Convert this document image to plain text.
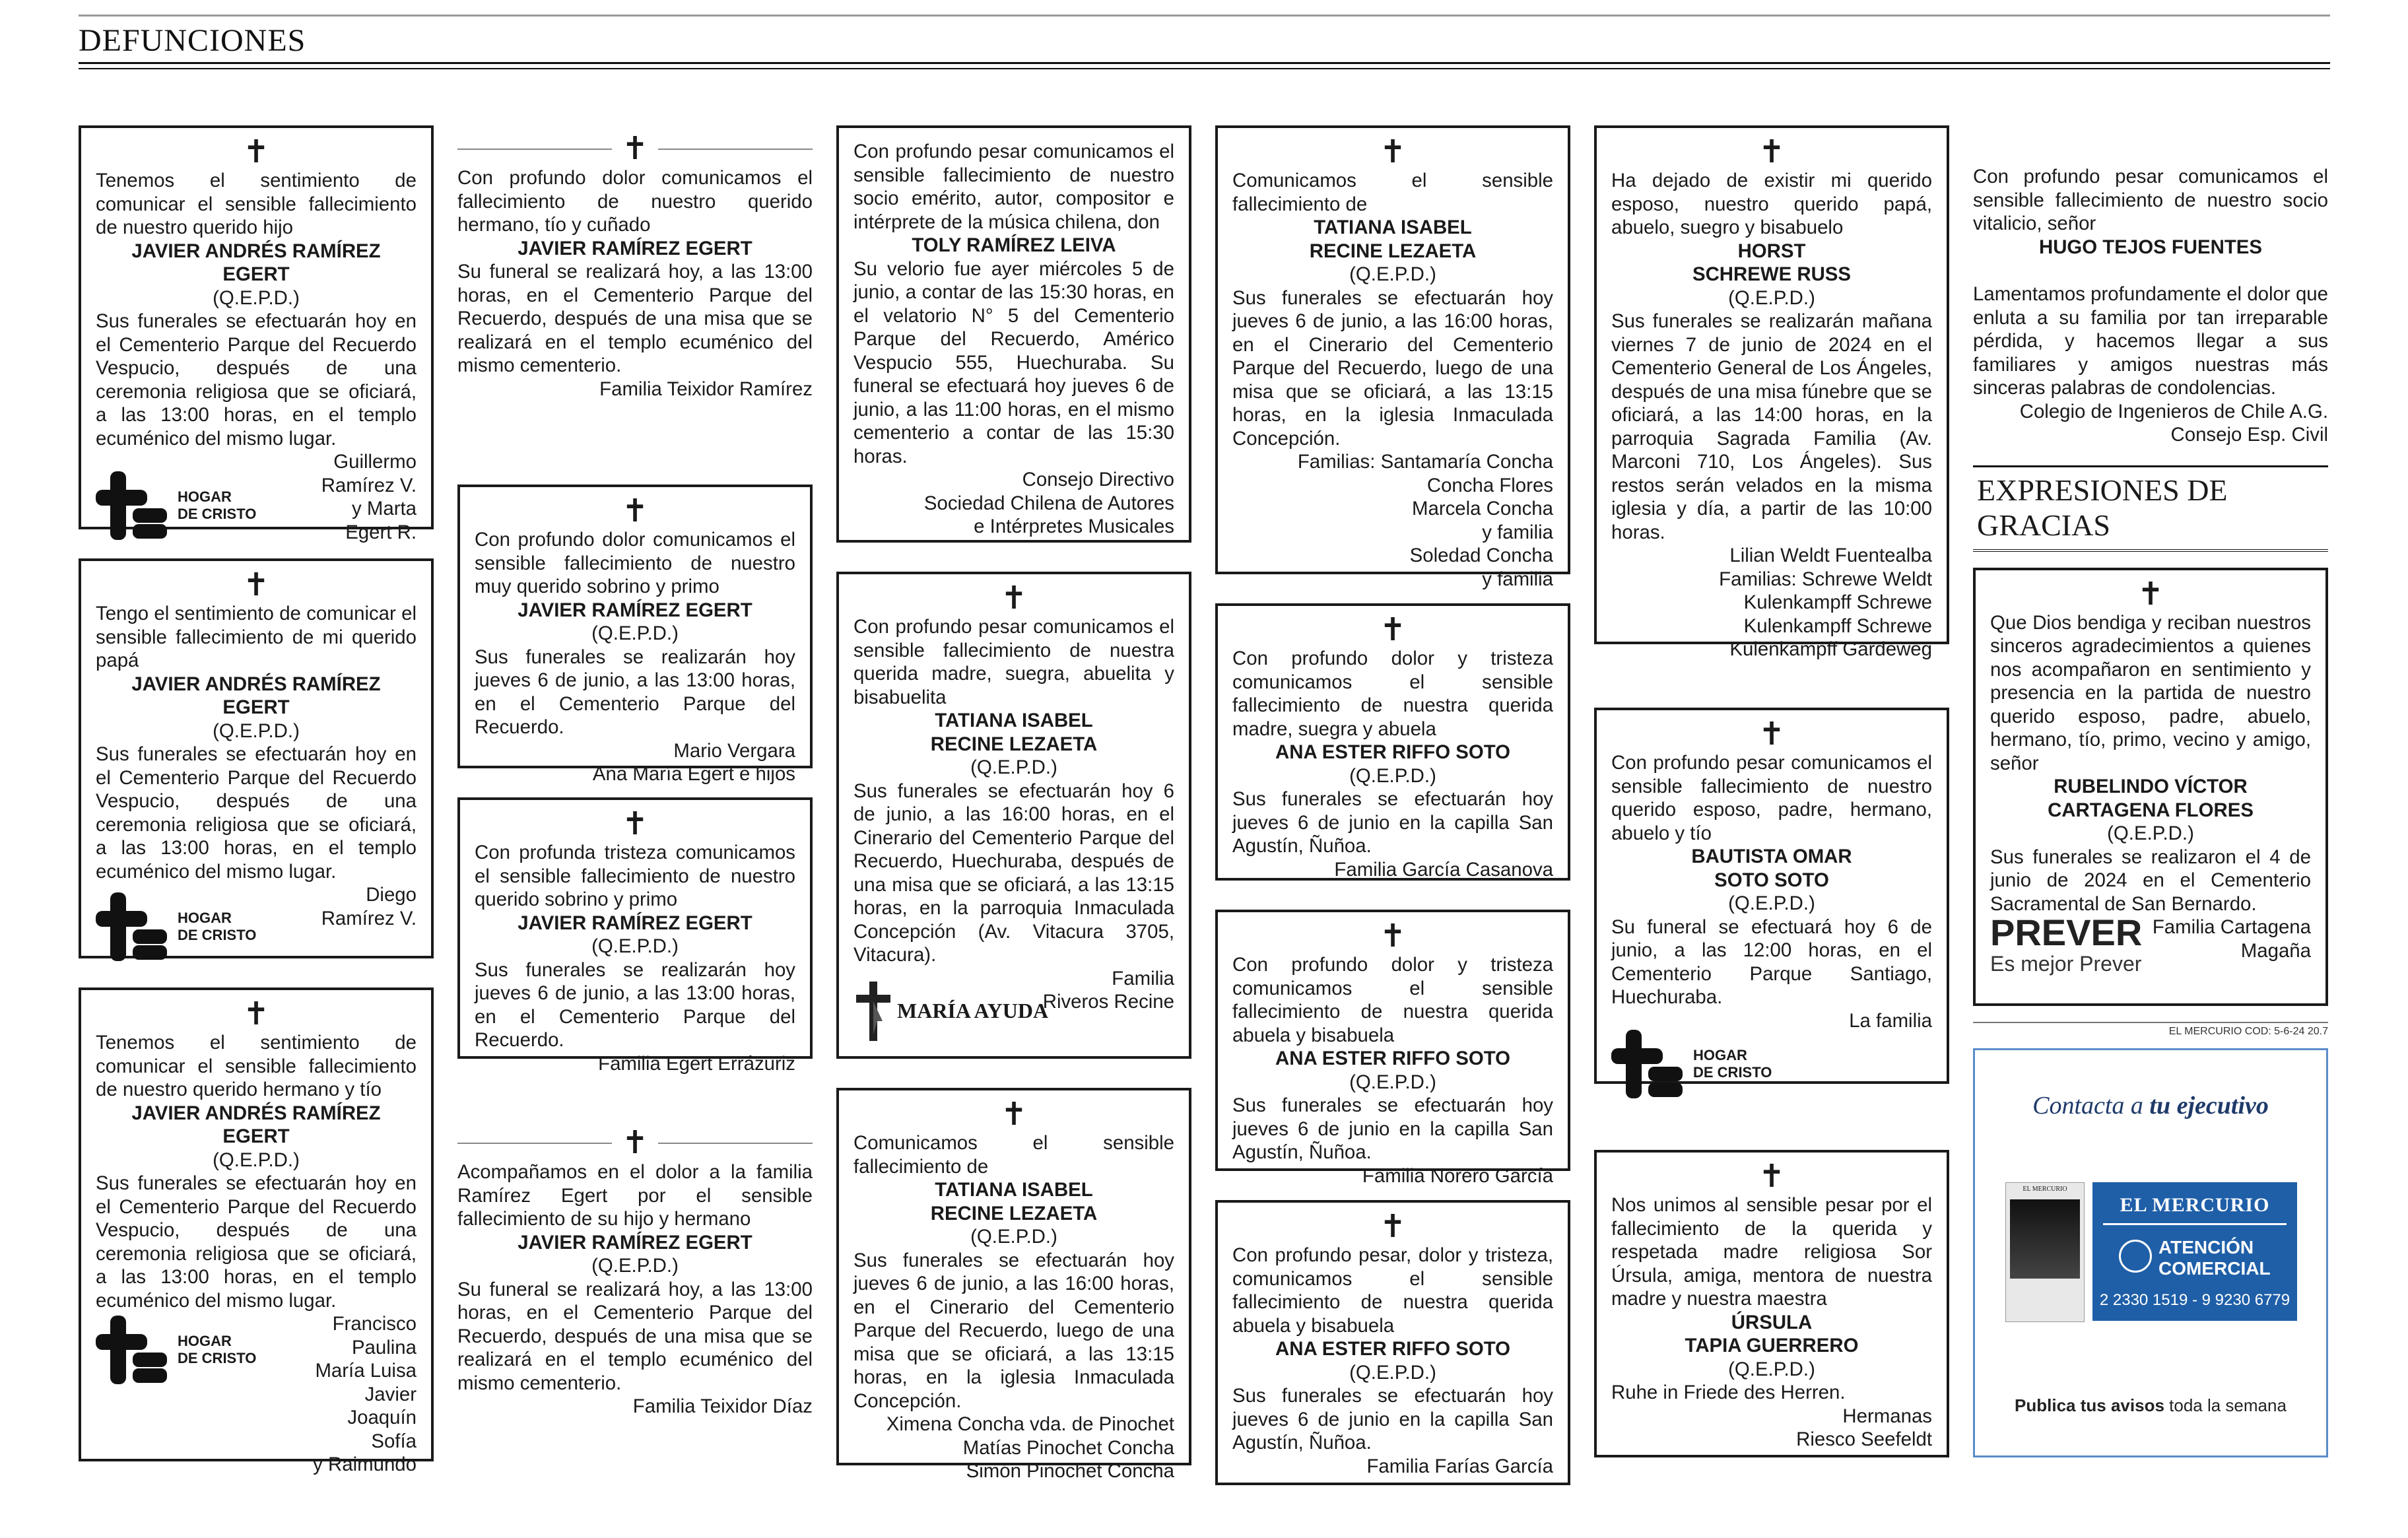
DEFUNCIONES
✝
Tenemos el sentimiento de comunicar el sensible fallecimiento de nuestro querido hijo
JAVIER ANDRÉS RAMÍREZ EGERT
(Q.E.P.D.)
Sus funerales se efectuarán hoy en el Cementerio Parque del Recuerdo Vespucio, después de una ceremonia religiosa que se oficiará, a las 13:00 horas, en el templo ecuménico del mismo lugar.
Guillermo
Ramírez V.
y Marta
Egert R.
HOGAR
DE CRISTO
✝
Tengo el sentimiento de comunicar el sensible fallecimiento de mi querido papá
JAVIER ANDRÉS RAMÍREZ EGERT
(Q.E.P.D.)
Sus funerales se efectuarán hoy en el Cementerio Parque del Recuerdo Vespucio, después de una ceremonia religiosa que se oficiará, a las 13:00 horas, en el templo ecuménico del mismo lugar.
Diego
Ramírez V.
HOGAR
DE CRISTO
✝
Tenemos el sentimiento de comunicar el sensible fallecimiento de nuestro querido hermano y tío
JAVIER ANDRÉS RAMÍREZ EGERT
(Q.E.P.D.)
Sus funerales se efectuarán hoy en el Cementerio Parque del Recuerdo Vespucio, después de una ceremonia religiosa que se oficiará, a las 13:00 horas, en el templo ecuménico del mismo lugar.
Francisco
Paulina
María Luisa
Javier
Joaquín
Sofía
y Raimundo
HOGAR
DE CRISTO
✝
Con profundo dolor comunicamos el fallecimiento de nuestro querido hermano, tío y cuñado
JAVIER RAMÍREZ EGERT
Su funeral se realizará hoy, a las 13:00 horas, en el Cementerio Parque del Recuerdo, después de una misa que se realizará en el templo ecuménico del mismo cementerio.
Familia Teixidor Ramírez
✝
Con profundo dolor comunicamos el sensible fallecimiento de nuestro muy querido sobrino y primo
JAVIER RAMÍREZ EGERT
(Q.E.P.D.)
Sus funerales se realizarán hoy jueves 6 de junio, a las 13:00 horas, en el Cementerio Parque del Recuerdo.
Mario Vergara
Ana María Egert e hijos
✝
Con profunda tristeza comunicamos el sensible fallecimiento de nuestro querido sobrino y primo
JAVIER RAMÍREZ EGERT
(Q.E.P.D.)
Sus funerales se realizarán hoy jueves 6 de junio, a las 13:00 horas, en el Cementerio Parque del Recuerdo.
Familia Egert Errázuriz
✝
Acompañamos en el dolor a la familia Ramírez Egert por el sensible fallecimiento de su hijo y hermano
JAVIER RAMÍREZ EGERT
(Q.E.P.D.)
Su funeral se realizará hoy, a las 13:00 horas, en el Cementerio Parque del Recuerdo, después de una misa que se realizará en el templo ecuménico del mismo cementerio.
Familia Teixidor Díaz
Con profundo pesar comunicamos el sensible fallecimiento de nuestro socio emérito, autor, compositor e intérprete de la música chilena, don
TOLY RAMÍREZ LEIVA
Su velorio fue ayer miércoles 5 de junio, a contar de las 15:30 horas, en el velatorio N° 5 del Cementerio Parque del Recuerdo, Américo Vespucio 555, Huechuraba. Su funeral se efectuará hoy jueves 6 de junio, a las 11:00 horas, en el mismo cementerio a contar de las 15:30 horas.
Consejo Directivo
Sociedad Chilena de Autores
e Intérpretes Musicales
✝
Con profundo pesar comunicamos el sensible fallecimiento de nuestra querida madre, suegra, abuelita y bisabuelita
TATIANA ISABEL
RECINE LEZAETA
(Q.E.P.D.)
Sus funerales se efectuarán hoy 6 de junio, a las 16:00 horas, en el Cinerario del Cementerio Parque del Recuerdo, Huechuraba, después de una misa que se oficiará, a las 13:15 horas, en la parroquia Inmaculada Concepción (Av. Vitacura 3705, Vitacura).
Familia
Riveros Recine
MARÍA AYUDA
✝
Comunicamos el sensible fallecimiento de
TATIANA ISABEL
RECINE LEZAETA
(Q.E.P.D.)
Sus funerales se efectuarán hoy jueves 6 de junio, a las 16:00 horas, en el Cinerario del Cementerio Parque del Recuerdo, luego de una misa que se oficiará, a las 13:15 horas, en la iglesia Inmaculada Concepción.
Ximena Concha vda. de Pinochet
Matías Pinochet Concha
Simón Pinochet Concha
✝
Comunicamos el sensible fallecimiento de
TATIANA ISABEL
RECINE LEZAETA
(Q.E.P.D.)
Sus funerales se efectuarán hoy jueves 6 de junio, a las 16:00 horas, en el Cinerario del Cementerio Parque del Recuerdo, luego de una misa que se oficiará, a las 13:15 horas, en la iglesia Inmaculada Concepción.
Familias: Santamaría Concha
Concha Flores
Marcela Concha
y familia
Soledad Concha
y familia
✝
Con profundo dolor y tristeza comunicamos el sensible fallecimiento de nuestra querida madre, suegra y abuela
ANA ESTER RIFFO SOTO
(Q.E.P.D.)
Sus funerales se efectuarán hoy jueves 6 de junio en la capilla San Agustín, Ñuñoa.
Familia García Casanova
✝
Con profundo dolor y tristeza comunicamos el sensible fallecimiento de nuestra querida abuela y bisabuela
ANA ESTER RIFFO SOTO
(Q.E.P.D.)
Sus funerales se efectuarán hoy jueves 6 de junio en la capilla San Agustín, Ñuñoa.
Familia Norero García
✝
Con profundo pesar, dolor y tristeza, comunicamos el sensible fallecimiento de nuestra querida abuela y bisabuela
ANA ESTER RIFFO SOTO
(Q.E.P.D.)
Sus funerales se efectuarán hoy jueves 6 de junio en la capilla San Agustín, Ñuñoa.
Familia Farías García
✝
Ha dejado de existir mi querido esposo, nuestro querido papá, abuelo, suegro y bisabuelo
HORST
SCHREWE RUSS
(Q.E.P.D.)
Sus funerales se realizarán mañana viernes 7 de junio de 2024 en el Cementerio General de Los Ángeles, después de una misa fúnebre que se oficiará, a las 14:00 horas, en la parroquia Sagrada Familia (Av. Marconi 710, Los Ángeles). Sus restos serán velados en la misma iglesia y día, a partir de las 10:00 horas.
Lilian Weldt Fuentealba
Familias: Schrewe Weldt
Kulenkampff Schrewe
Kulenkampff Schrewe
Kulenkampff Gardeweg
✝
Con profundo pesar comunicamos el sensible fallecimiento de nuestro querido esposo, padre, hermano, abuelo y tío
BAUTISTA OMAR
SOTO SOTO
(Q.E.P.D.)
Su funeral se efectuará hoy 6 de junio, a las 12:00 horas, en el Cementerio Parque Santiago, Huechuraba.
La familia
HOGAR
DE CRISTO
✝
Nos unimos al sensible pesar por el fallecimiento de la querida y respetada madre religiosa Sor Úrsula, amiga, mentora de nuestra madre y nuestra maestra
ÚRSULA
TAPIA GUERRERO
(Q.E.P.D.)
Ruhe in Friede des Herren.
Hermanas
Riesco Seefeldt
Con profundo pesar comunicamos el sensible fallecimiento de nuestro socio vitalicio, señor
HUGO TEJOS FUENTES
Lamentamos profundamente el dolor que enluta a su familia por tan irreparable pérdida, y hacemos llegar a sus familiares y amigos nuestras más sinceras palabras de condolencias.
Colegio de Ingenieros de Chile A.G.
Consejo Esp. Civil
EXPRESIONES DE GRACIAS
✝
Que Dios bendiga y reciban nuestros sinceros agradecimientos a quienes nos acompañaron en sentimiento y presencia en la partida de nuestro querido esposo, padre, abuelo, hermano, tío, primo, vecino y amigo, señor
RUBELINDO VÍCTOR
CARTAGENA FLORES
(Q.E.P.D.)
Sus funerales se realizaron el 4 de junio de 2024 en el Cementerio Sacramental de San Bernardo.
Familia Cartagena
Magaña
PREVER
Es mejor Prever
EL MERCURIO COD: 5-6-24 20.7
Contacta a tu ejecutivo
EL MERCURIO
EL MERCURIO
ATENCIÓN
COMERCIAL
2 2330 1519 - 9 9230 6779
Publica tus avisos toda la semana
